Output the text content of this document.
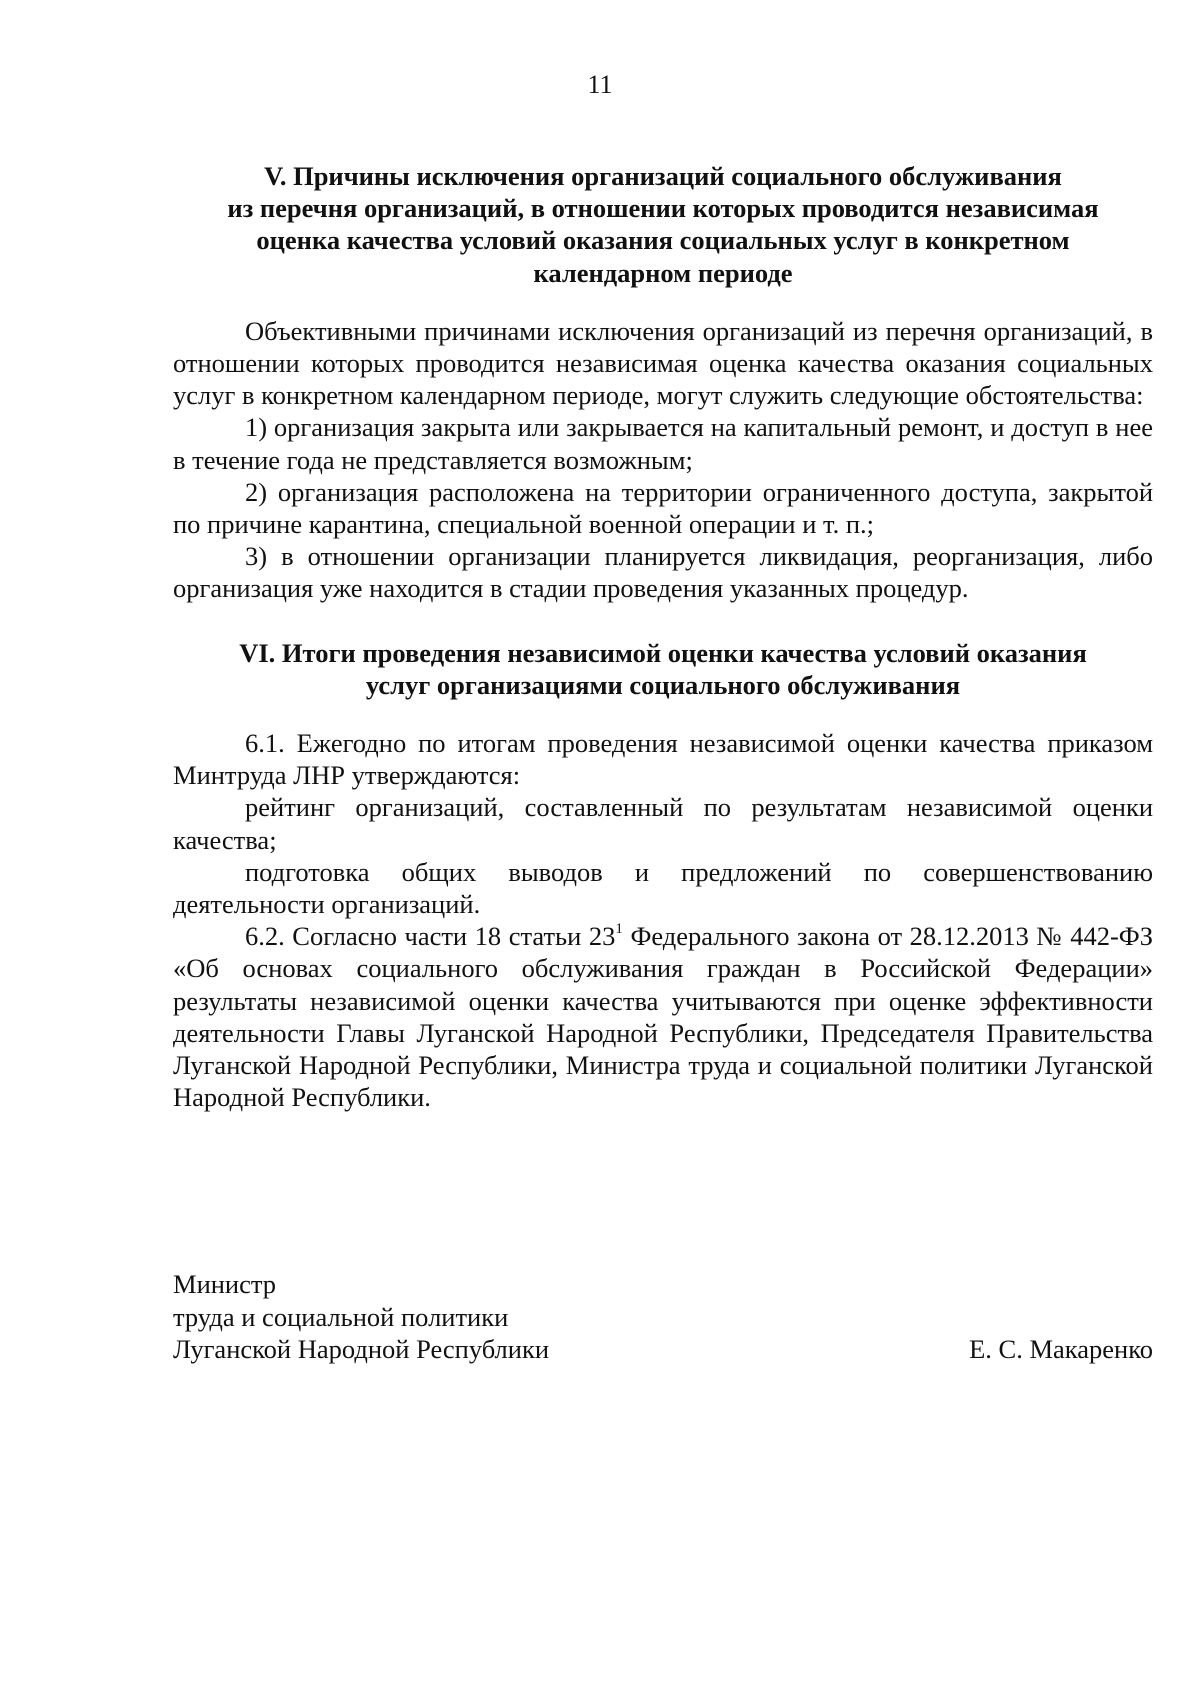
11
V. Причины исключения организаций социального обслуживания
из перечня организаций, в отношении которых проводится независимая
оценка качества условий оказания социальных услуг в конкретном
календарном периоде

Объективными причинами исключения организаций из перечня организаций, в отношении которых проводится независимая оценка качества оказания социальных услуг в конкретном календарном периоде, могут служить следующие обстоятельства:

1) организация закрыта или закрывается на капитальный ремонт, и доступ в нее в течение года не представляется возможным;

2) организация расположена на территории ограниченного доступа, закрытой по причине карантина, специальной военной операции и т. п.;

3) в отношении организации планируется ликвидация, реорганизация, либо организация уже находится в стадии проведения указанных процедур.

VI. Итоги проведения независимой оценки качества условий оказания
услуг организациями социального обслуживания

6.1. Ежегодно по итогам проведения независимой оценки качества приказом Минтруда ЛНР утверждаются:

рейтинг организаций, составленный по результатам независимой оценки качества;

подготовка общих выводов и предложений по совершенствованию деятельности организаций.

6.2. Согласно части 18 статьи $23^1$ Федерального закона от 28.12.2013 № 442-ФЗ «Об основах социального обслуживания граждан в Российской Федерации» результаты независимой оценки качества учитываются при оценке эффективности деятельности Главы Луганской Народной Республики, Председателя Правительства Луганской Народной Республики, Министра труда и социальной политики Луганской Народной Республики.

Министр
труда и социальной политики
Луганской Народной Республики	Е. С. Макаренко
